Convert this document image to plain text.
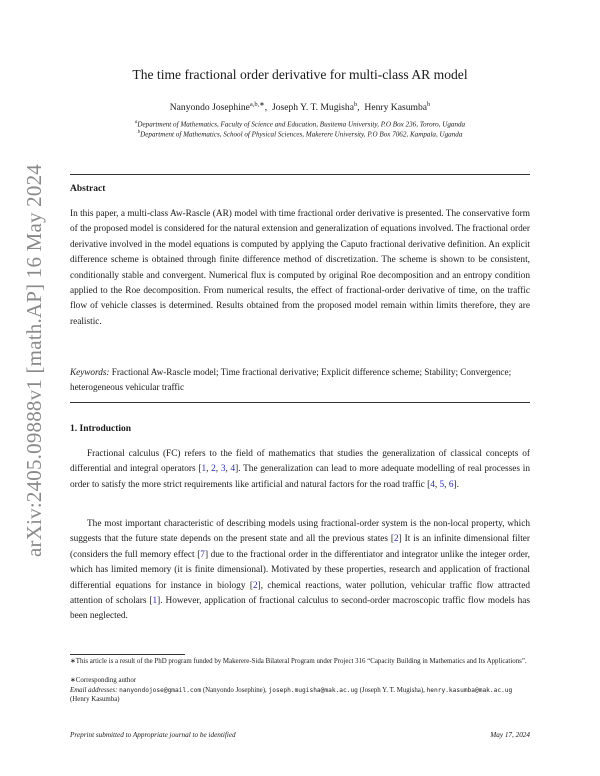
arXiv:2405.09888v1 [math.AP] 16 May 2024
The time fractional order derivative for multi-class AR model
Nanyondo Josephine$^{a,b,∗}$,  Joseph Y. T. Mugisha$^b$,  Henry Kasumba$^b$
$^a$Department of Mathematics, Faculty of Science and Education, Busitema University, P.O Box 236, Tororo, Uganda
$^b$Department of Mathematics, School of Physical Sciences, Makerere University, P.O Box 7062, Kampala, Uganda
Abstract
In this paper, a multi-class Aw-Rascle (AR) model with time fractional order derivative is presented. The conservative form of the proposed model is considered for the natural extension and generalization of equations involved. The fractional order derivative involved in the model equations is computed by applying the Caputo fractional derivative definition. An explicit difference scheme is obtained through finite difference method of discretization. The scheme is shown to be consistent, conditionally stable and convergent. Numerical flux is computed by original Roe decomposition and an entropy condition applied to the Roe decomposition. From numerical results, the effect of fractional-order derivative of time, on the traffic flow of vehicle classes is determined. Results obtained from the proposed model remain within limits therefore, they are realistic.
Keywords: Fractional Aw-Rascle model; Time fractional derivative; Explicit difference scheme; Stability; Convergence; heterogeneous vehicular traffic
1. Introduction
Fractional calculus (FC) refers to the field of mathematics that studies the generalization of classical concepts of differential and integral operators [1, 2, 3, 4]. The generalization can lead to more adequate modelling of real processes in order to satisfy the more strict requirements like artificial and natural factors for the road traffic [4, 5, 6].
The most important characteristic of describing models using fractional-order system is the non-local property, which suggests that the future state depends on the present state and all the previous states [2] It is an infinite dimensional filter (considers the full memory effect [7] due to the fractional order in the differentiator and integrator unlike the integer order, which has limited memory (it is finite dimensional). Motivated by these properties, research and application of fractional differential equations for instance in biology [2], chemical reactions, water pollution, vehicular traffic flow attracted attention of scholars [1]. However, application of fractional calculus to second-order macroscopic traffic flow models has been neglected.
∗This article is a result of the PhD program funded by Makerere-Sida Bilateral Program under Project 316 “Capacity Building in Mathematics and Its Applications”.
∗Corresponding author
Email addresses: nanyondojose@gmail.com (Nanyondo Josephine), joseph.mugisha@mak.ac.ug (Joseph Y. T. Mugisha), henry.kasumba@mak.ac.ug (Henry Kasumba)
Preprint submitted to Appropriate journal to be identified	May 17, 2024
